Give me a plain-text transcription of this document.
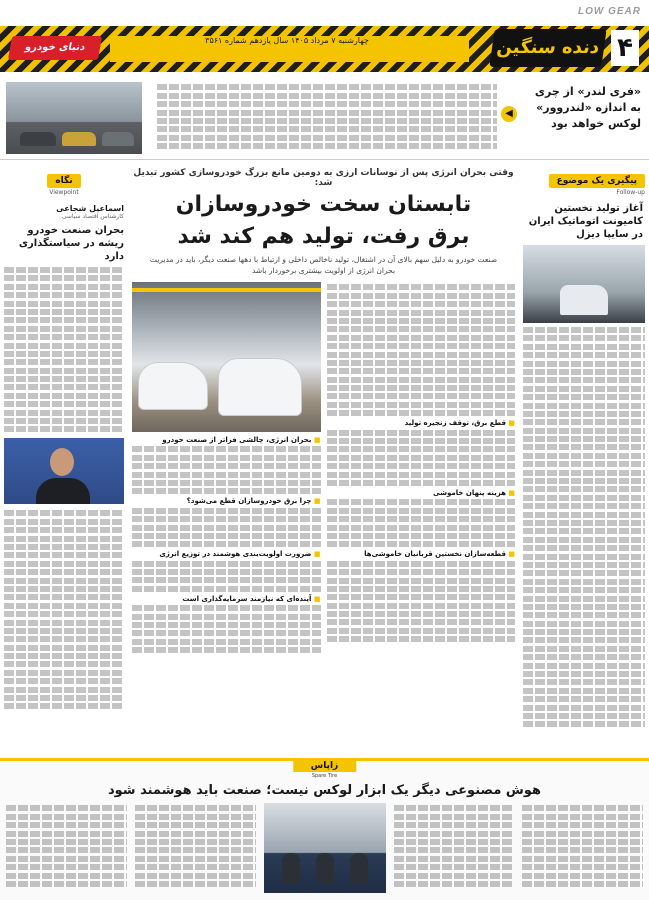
LOW GEAR
۴
دنده سنگین
چهارشنبه ۷ مرداد ۱۴۰۵ سال یازدهم شماره ۳۵۶۱
دنیای خودرو
«فری لندر» از چری به اندازه «لندروور» لوکس خواهد بود
◀
پیگیری یک موضوع
Follow-up
آغاز تولید نخستین کامیونت اتوماتیک ایران در سایپا دیزل
وقتی بحران انرژی پس از نوسانات ارزی به دومین مانع بزرگ خودروسازی کشور تبدیل شد:
تابستان سخت خودروسازان
برق رفت، تولید هم کند شد
صنعت خودرو به دلیل سهم بالای آن در اشتغال، تولید ناخالص داخلی و ارتباط با دهها صنعت دیگر، باید در مدیریت بحران انرژی از اولویت بیشتری برخوردار باشد
■ قطع برق، توقف زنجیره تولید
■ هزینه پنهان خاموشی
■ قطعه‌سازان نخستین قربانیان خاموشی‌ها
■ بحران انرژی، چالشی فراتر از صنعت خودرو
■ چرا برق خودروسازان قطع می‌شود؟
■ ضرورت اولویت‌بندی هوشمند در توزیع انرژی
■ آینده‌ای که نیازمند سرمایه‌گذاری است
نگاه
Viewpoint
اسماعیل شجاعی
کارشناس اقتصاد سیاسی
بحران صنعت خودرو ریشه در سیاستگذاری دارد
زاپاس
Spare Tire
هوش مصنوعی دیگر یک ابزار لوکس نیست؛ صنعت باید هوشمند شود
